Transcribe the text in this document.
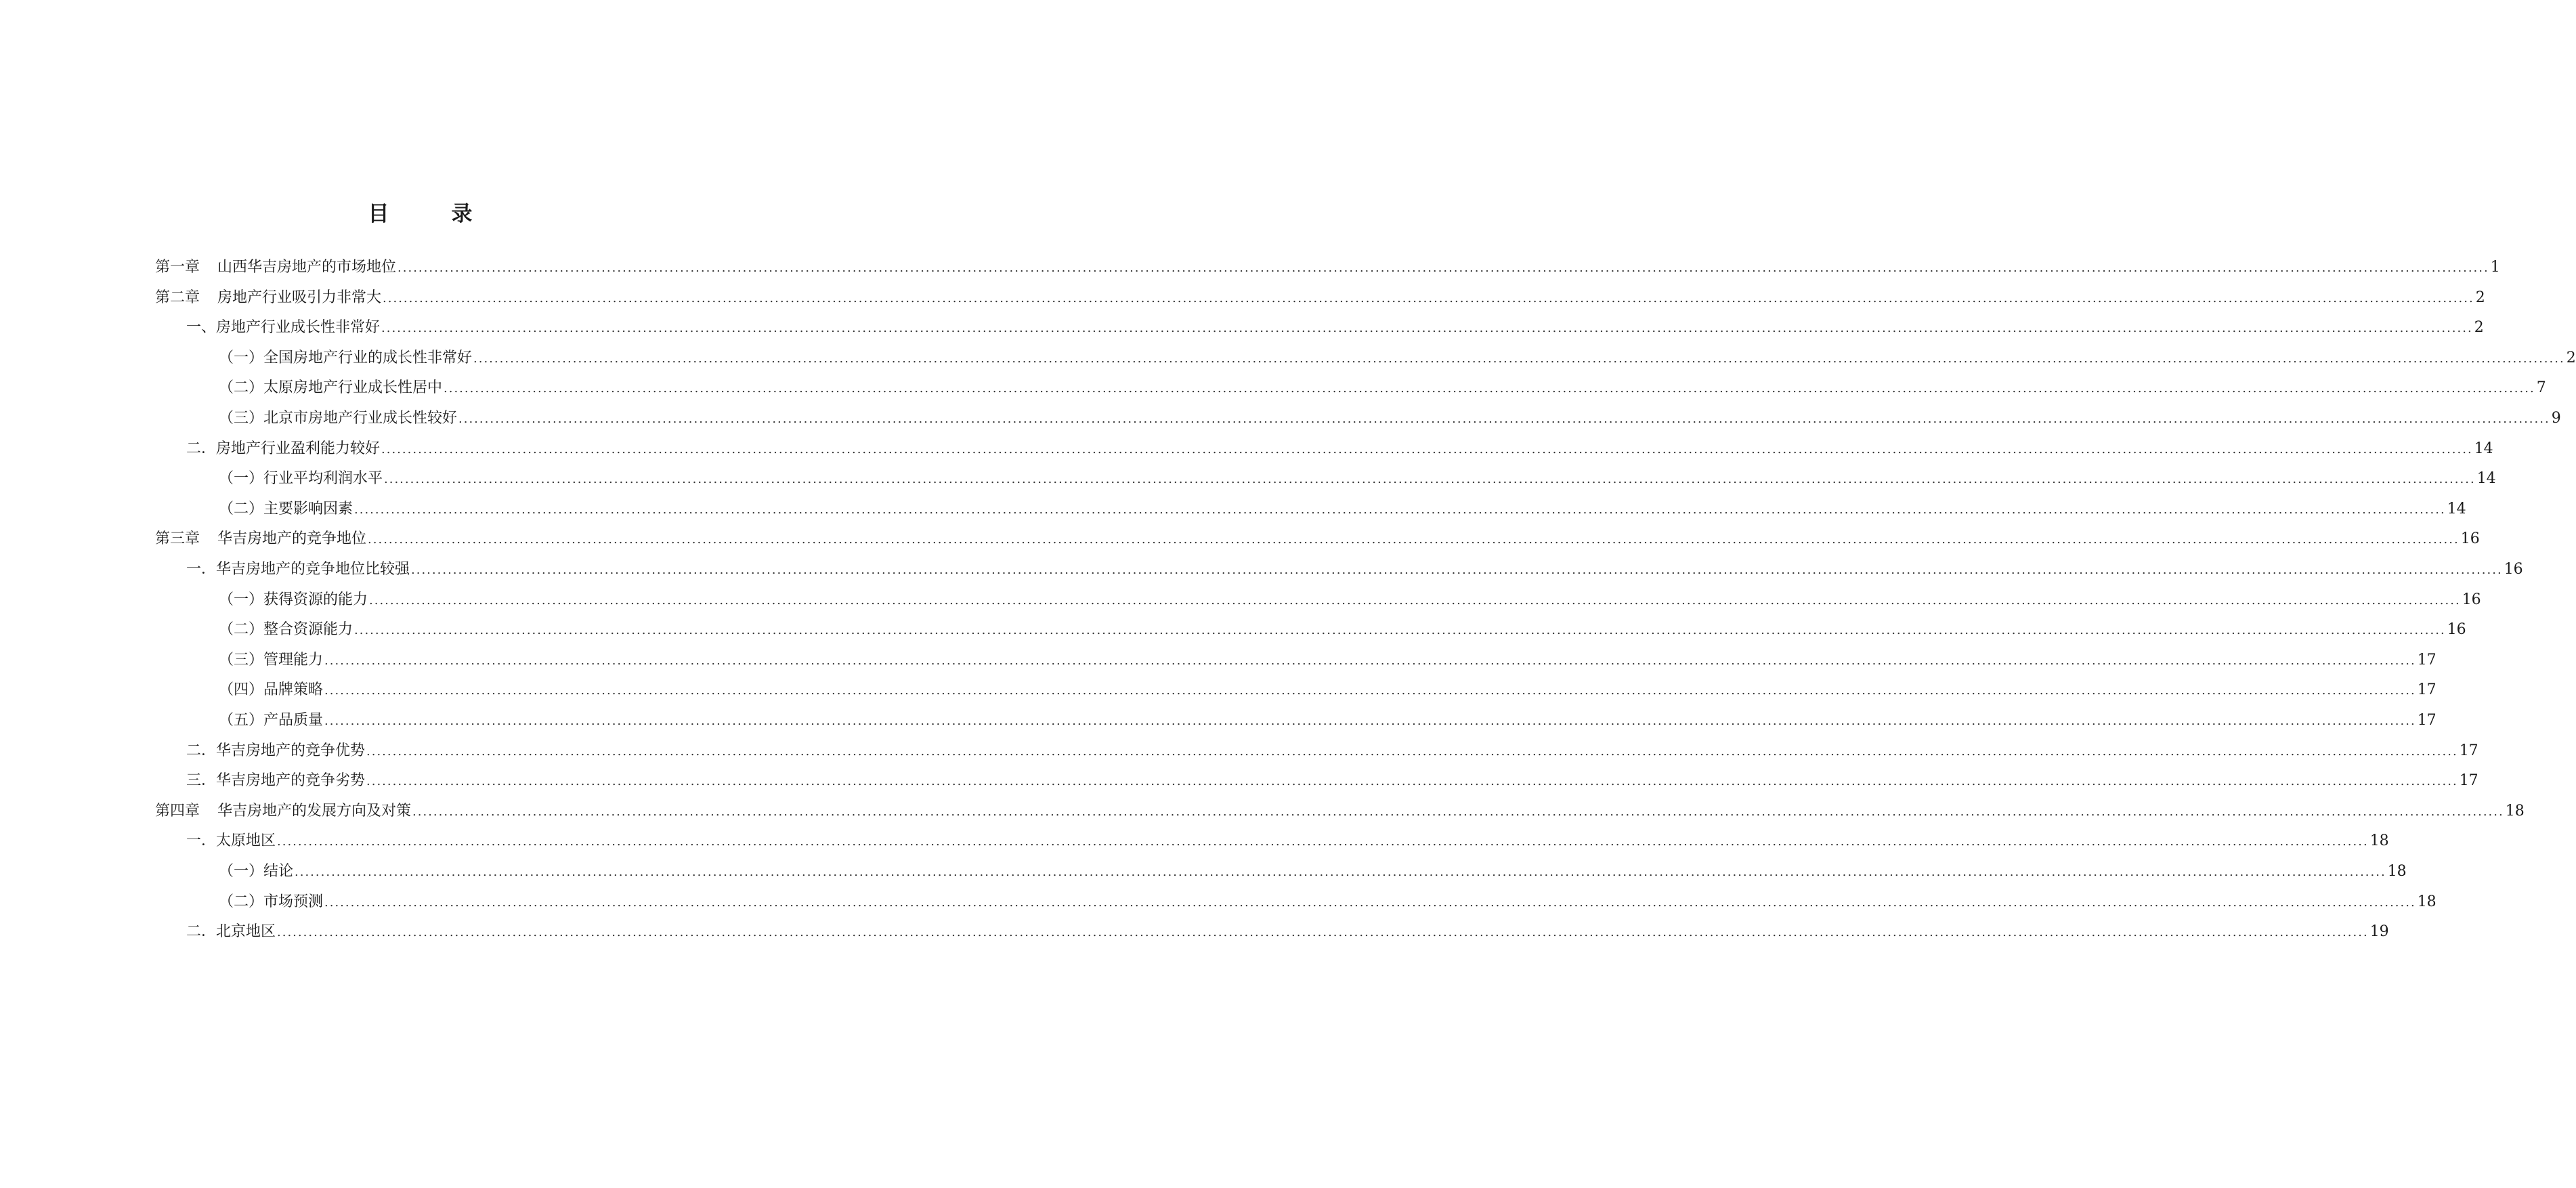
目	录
第一章 山西华吉房地产的市场地位 ................................................................................................................................................................................................................................................................................................................................................................................................................ 1
第二章 房地产行业吸引力非常大 ................................................................................................................................................................................................................................................................................................................................................................................................................ 2
一、房地产行业成长性非常好 ................................................................................................................................................................................................................................................................................................................................................................................................................ 2
（一）全国房地产行业的成长性非常好 ................................................................................................................................................................................................................................................................................................................................................................................................................ 2
（二）太原房地产行业成长性居中 ................................................................................................................................................................................................................................................................................................................................................................................................................ 7
（三）北京市房地产行业成长性较好 ................................................................................................................................................................................................................................................................................................................................................................................................................ 9
二．房地产行业盈利能力较好 ................................................................................................................................................................................................................................................................................................................................................................................................................ 14
（一）行业平均利润水平 ................................................................................................................................................................................................................................................................................................................................................................................................................ 14
（二）主要影响因素 ................................................................................................................................................................................................................................................................................................................................................................................................................ 14
第三章 华吉房地产的竞争地位 ................................................................................................................................................................................................................................................................................................................................................................................................................ 16
一．华吉房地产的竞争地位比较强 ................................................................................................................................................................................................................................................................................................................................................................................................................ 16
（一）获得资源的能力 ................................................................................................................................................................................................................................................................................................................................................................................................................ 16
（二）整合资源能力 ................................................................................................................................................................................................................................................................................................................................................................................................................ 16
（三）管理能力 ................................................................................................................................................................................................................................................................................................................................................................................................................ 17
（四）品牌策略 ................................................................................................................................................................................................................................................................................................................................................................................................................ 17
（五）产品质量 ................................................................................................................................................................................................................................................................................................................................................................................................................ 17
二．华吉房地产的竞争优势 ................................................................................................................................................................................................................................................................................................................................................................................................................ 17
三．华吉房地产的竞争劣势 ................................................................................................................................................................................................................................................................................................................................................................................................................ 17
第四章 华吉房地产的发展方向及对策 ................................................................................................................................................................................................................................................................................................................................................................................................................ 18
一．太原地区 ................................................................................................................................................................................................................................................................................................................................................................................................................ 18
（一）结论 ................................................................................................................................................................................................................................................................................................................................................................................................................ 18
（二）市场预测 ................................................................................................................................................................................................................................................................................................................................................................................................................ 18
二．北京地区 ................................................................................................................................................................................................................................................................................................................................................................................................................ 19
